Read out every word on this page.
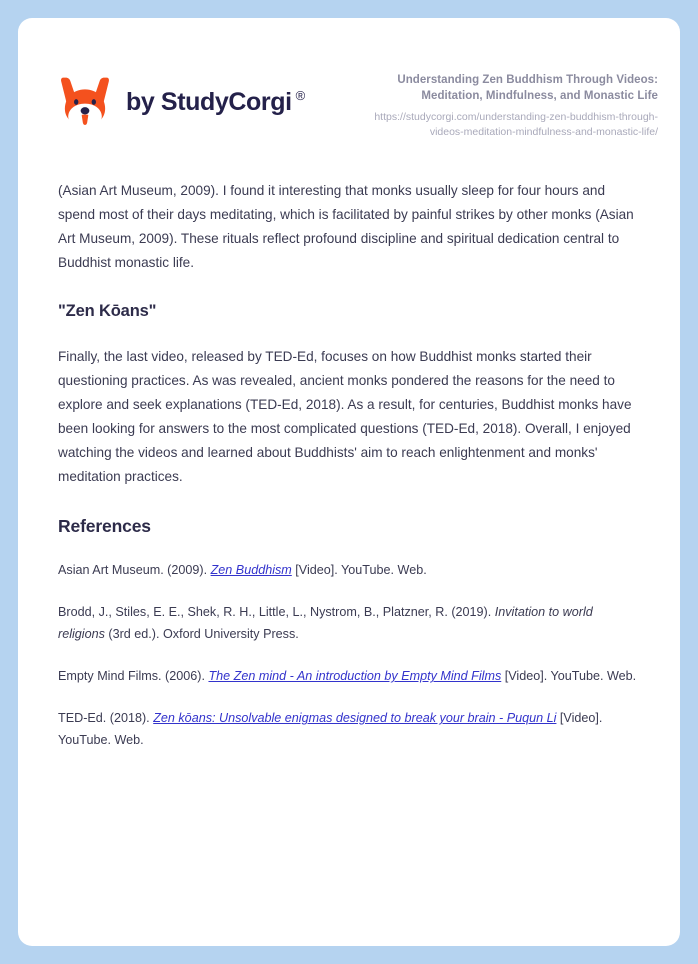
by StudyCorgi ®
Understanding Zen Buddhism Through Videos: Meditation, Mindfulness, and Monastic Life
https://studycorgi.com/understanding-zen-buddhism-through-videos-meditation-mindfulness-and-monastic-life/

(Asian Art Museum, 2009). I found it interesting that monks usually sleep for four hours and spend most of their days meditating, which is facilitated by painful strikes by other monks (Asian Art Museum, 2009). These rituals reflect profound discipline and spiritual dedication central to Buddhist monastic life.

"Zen Kōans"

Finally, the last video, released by TED-Ed, focuses on how Buddhist monks started their questioning practices. As was revealed, ancient monks pondered the reasons for the need to explore and seek explanations (TED-Ed, 2018). As a result, for centuries, Buddhist monks have been looking for answers to the most complicated questions (TED-Ed, 2018). Overall, I enjoyed watching the videos and learned about Buddhists' aim to reach enlightenment and monks' meditation practices.

References

Asian Art Museum. (2009). Zen Buddhism [Video]. YouTube. Web.

Brodd, J., Stiles, E. E., Shek, R. H., Little, L., Nystrom, B., Platzner, R. (2019). Invitation to world religions (3rd ed.). Oxford University Press.

Empty Mind Films. (2006). The Zen mind - An introduction by Empty Mind Films [Video]. YouTube. Web.

TED-Ed. (2018). Zen kōans: Unsolvable enigmas designed to break your brain - Puqun Li [Video]. YouTube. Web.
